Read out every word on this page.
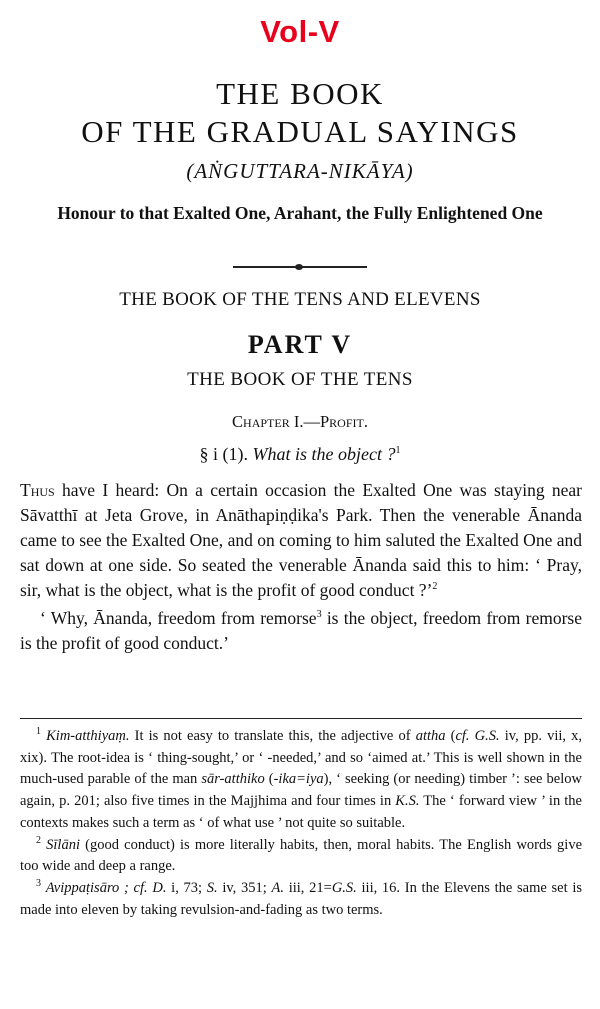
Vol-V
THE BOOK
OF THE GRADUAL SAYINGS
(AṄGUTTARA-NIKĀYA)
Honour to that Exalted One, Arahant, the Fully Enlightened One
THE BOOK OF THE TENS AND ELEVENS
PART V
THE BOOK OF THE TENS
Chapter I.—Profit.
§ i (1). What is the object ?$^1$

Thus have I heard: On a certain occasion the Exalted One was staying near Sāvatthī at Jeta Grove, in Anāthapiṇḍika's Park. Then the venerable Ānanda came to see the Exalted One, and on coming to him saluted the Exalted One and sat down at one side. So seated the venerable Ānanda said this to him: ‘ Pray, sir, what is the object, what is the profit of good conduct ?’$^2$

‘ Why, Ānanda, freedom from remorse$^3$ is the object, freedom from remorse is the profit of good conduct.’

$^1$ Kim-atthiyaṃ. It is not easy to translate this, the adjective of attha (cf. G.S. iv, pp. vii, x, xix). The root-idea is ‘ thing-sought,’ or ‘ -needed,’ and so ‘aimed at.’ This is well shown in the much-used parable of the man sār-atthiko (-ika=iya), ‘ seeking (or needing) timber ’: see below again, p. 201; also five times in the Majjhima and four times in K.S. The ‘ forward view ’ in the contexts makes such a term as ‘ of what use ’ not quite so suitable.

$^2$ Sīlāni (good conduct) is more literally habits, then, moral habits. The English words give too wide and deep a range.

$^3$ Avippaṭisāro ; cf. D. i, 73; S. iv, 351; A. iii, 21=G.S. iii, 16. In the Elevens the same set is made into eleven by taking revulsion-and-fading as two terms.
